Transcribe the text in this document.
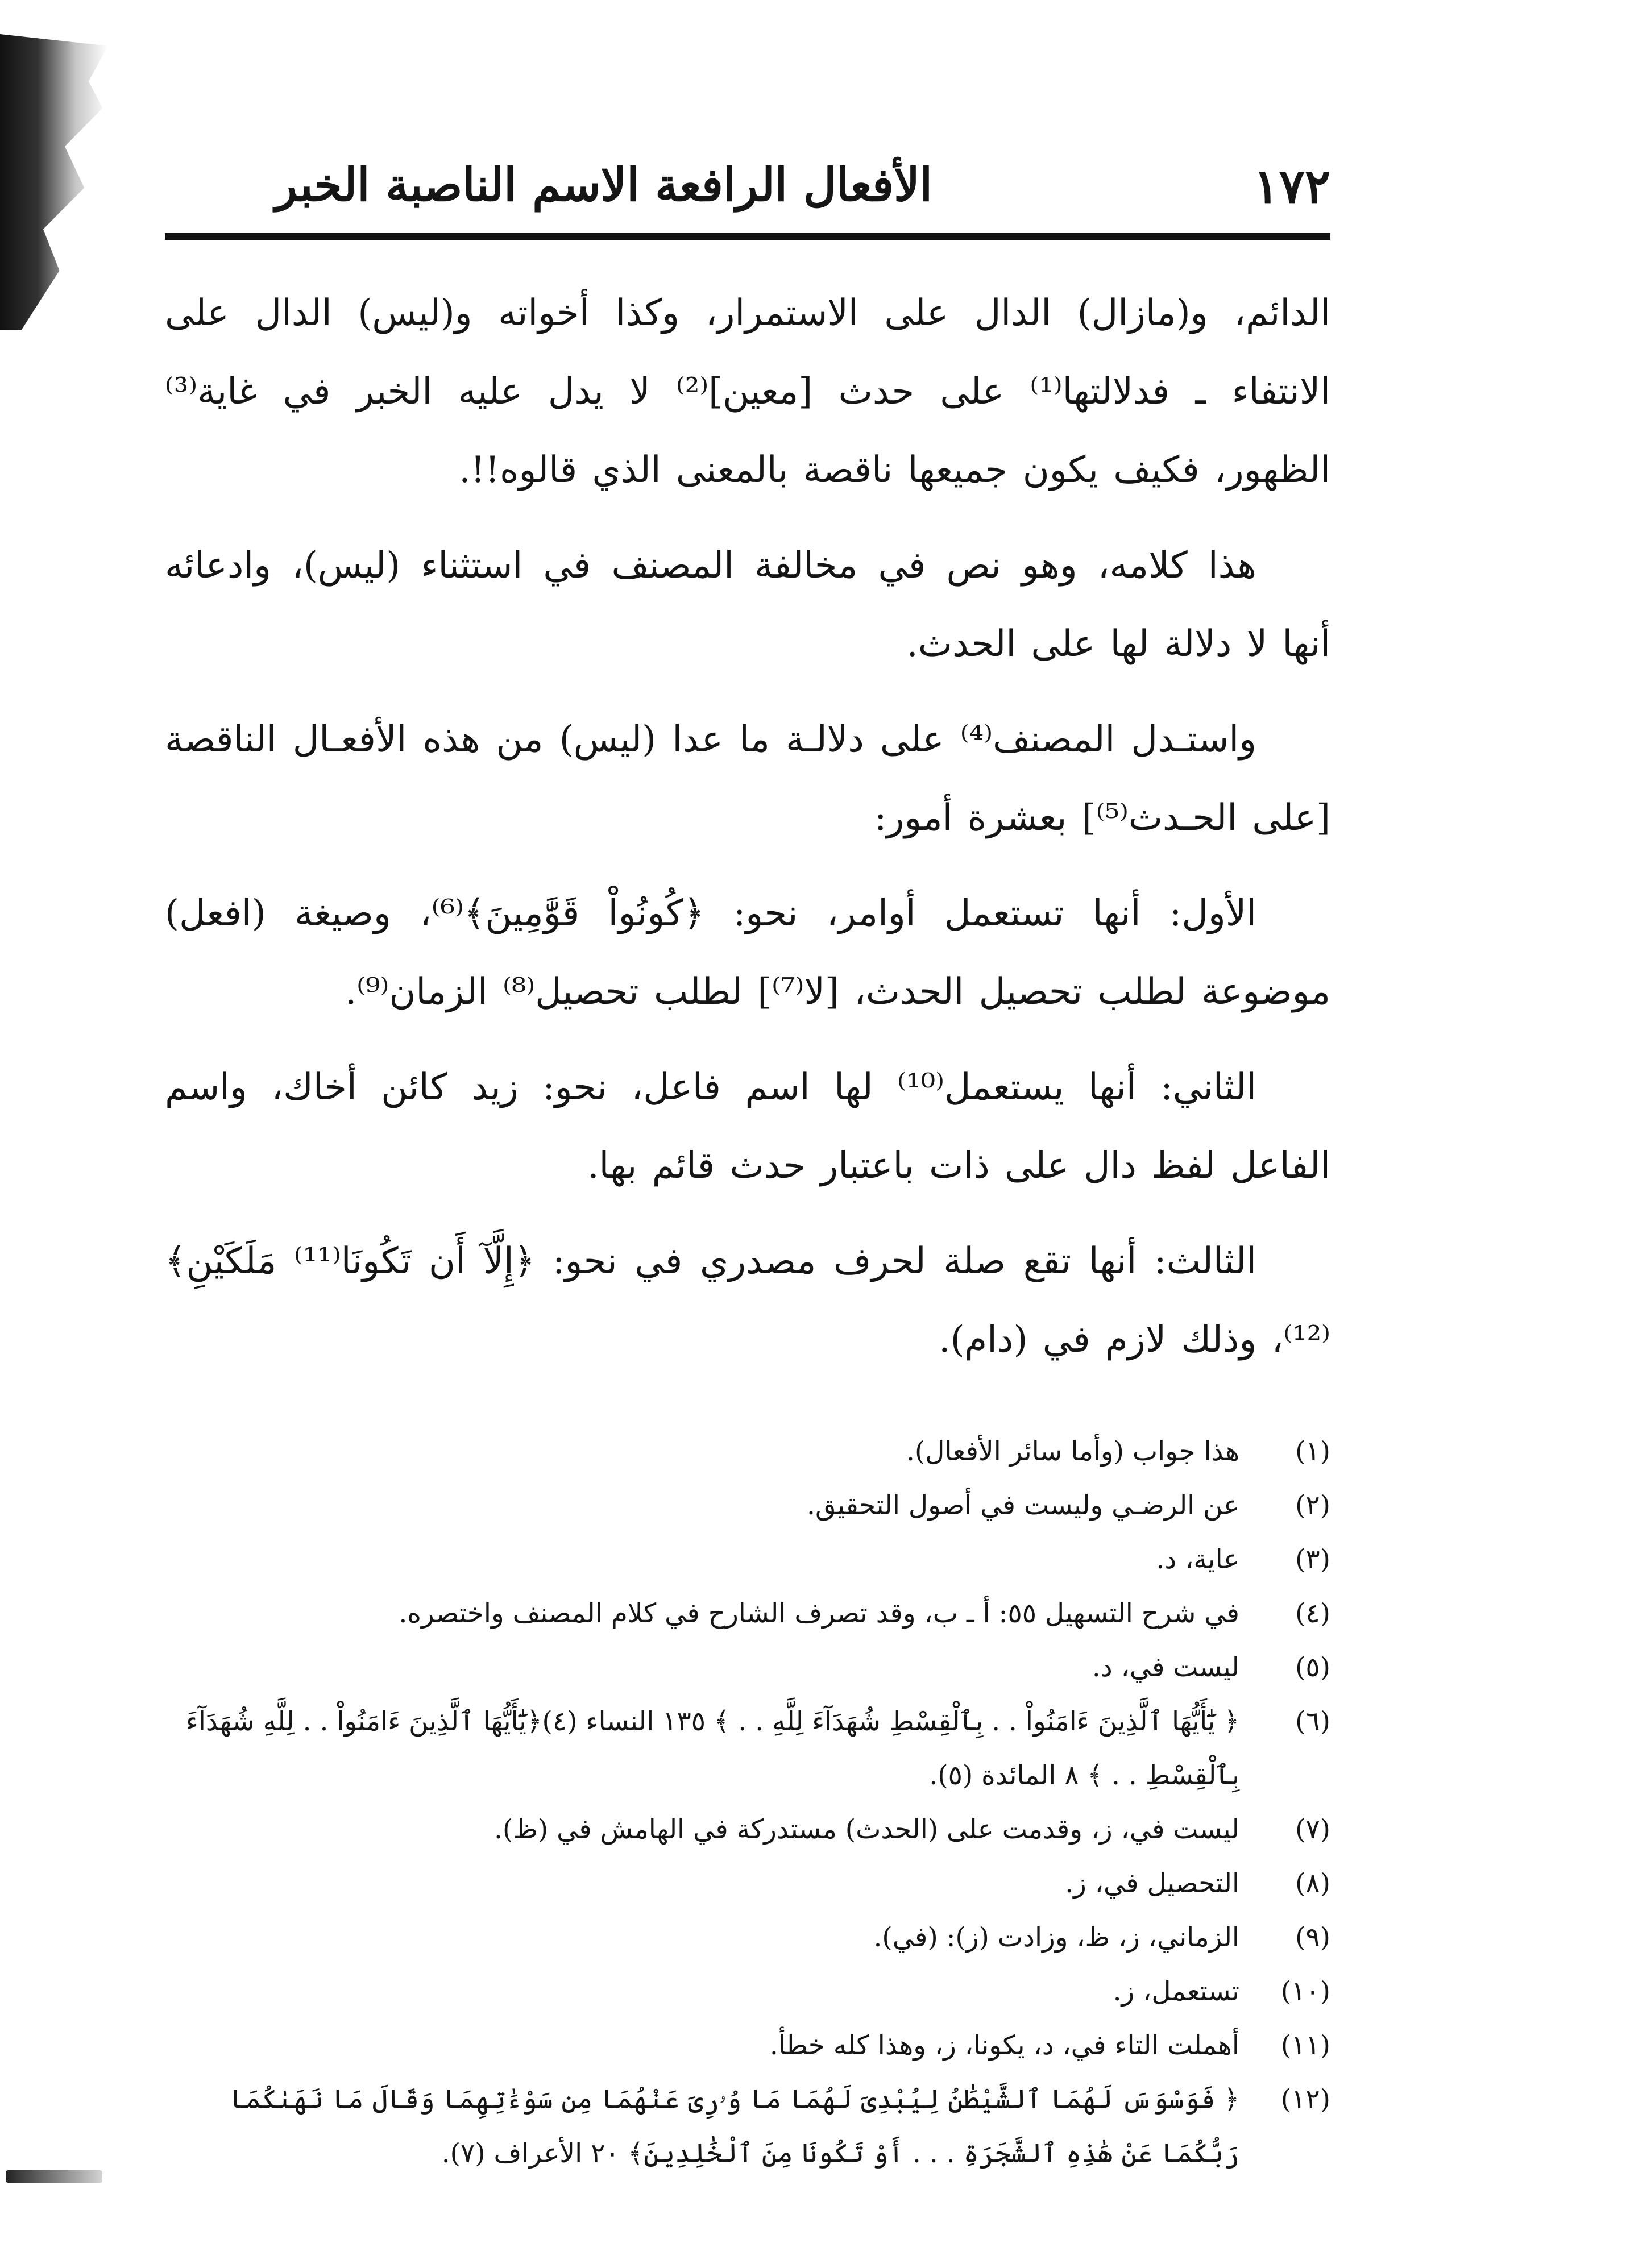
١٧٢
الأفعال الرافعة الاسم الناصبة الخبر

الدائم، و(مازال) الدال على الاستمرار، وكذا أخواته و(ليس) الدال على الانتفاء ـ فدلالتها⁽¹⁾ على حدث [معين]⁽²⁾ لا يدل عليه الخبر في غاية⁽³⁾ الظهور، فكيف يكون جميعها ناقصة بالمعنى الذي قالوه!!.

هذا كلامه، وهو نص في مخالفة المصنف في استثناء (ليس)، وادعائه أنها لا دلالة لها على الحدث.

واستـدل المصنف⁽⁴⁾ على دلالـة ما عدا (ليس) من هذه الأفعـال الناقصة [على الحـدث⁽⁵⁾] بعشرة أمور:

الأول: أنها تستعمل أوامر، نحو: ﴿كُونُواْ قَوَّٰمِينَ﴾⁽⁶⁾، وصيغة (افعل) موضوعة لطلب تحصيل الحدث، [لا⁽⁷⁾] لطلب تحصيل⁽⁸⁾ الزمان⁽⁹⁾.

الثاني: أنها يستعمل⁽¹⁰⁾ لها اسم فاعل، نحو: زيد كائن أخاك، واسم الفاعل لفظ دال على ذات باعتبار حدث قائم بها.

الثالث: أنها تقع صلة لحرف مصدري في نحو: ﴿إِلَّآ أَن تَكُونَا⁽¹¹⁾ مَلَكَيْنِ﴾⁽¹²⁾، وذلك لازم في (دام).

(١)
هذا جواب (وأما سائر الأفعال).
(٢)
عن الرضـي وليست في أصول التحقيق.
(٣)
عاية، د.
(٤)
في شرح التسهيل ٥٥: أ ـ ب، وقد تصرف الشارح في كلام المصنف واختصره.
(٥)
ليست في، د.
(٦)
﴿ يَٰٓأَيُّهَا ٱلَّذِينَ ءَامَنُواْ . . بِٱلْقِسْطِ شُهَدَآءَ لِلَّهِ . . ﴾ ١٣٥ النساء (٤)﴿يَٰٓأَيُّهَا ٱلَّذِينَ ءَامَنُواْ . . لِلَّهِ شُهَدَآءَ بِٱلْقِسْطِ . . ﴾ ٨ المائدة (٥).
(٧)
ليست في، ز، وقدمت على (الحدث) مستدركة في الهامش في (ظ).
(٨)
التحصيل في، ز.
(٩)
الزماني، ز، ظ، وزادت (ز): (في).
(١٠)
تستعمل، ز.
(١١)
أهملت التاء في، د، يكونا، ز، وهذا كله خطأ.
(١٢)
﴿ فَوَسْوَسَ لَهُمَا ٱلشَّيْطَٰنُ لِيُبْدِىَ لَهُمَا مَا وُۥرِىَ عَنْهُمَا مِن سَوْءَٰتِهِمَا وَقَالَ مَا نَهَىٰكُمَا رَبُّكُمَا عَنْ هَٰذِهِ ٱلشَّجَرَةِ . . . أَوْ تَكُونَا مِنَ ٱلْخَٰلِدِينَ﴾ ٢٠ الأعراف (٧).
